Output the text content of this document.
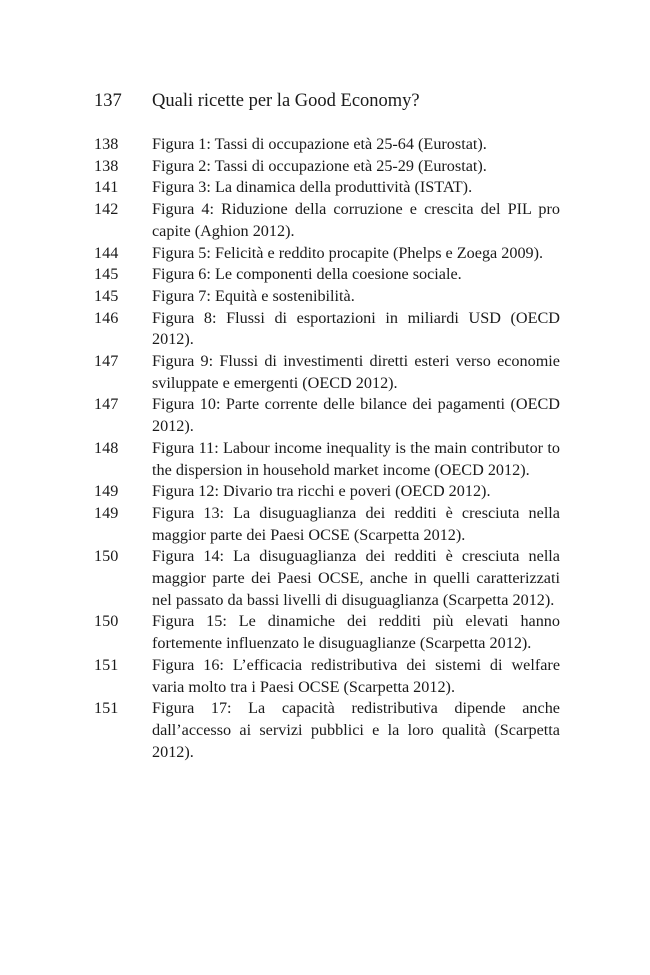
137	Quali ricette per la Good Economy?
138	Figura 1: Tassi di occupazione età 25-64 (Eurostat).
138	Figura 2: Tassi di occupazione età 25-29 (Eurostat).
141	Figura 3: La dinamica della produttività (ISTAT).
142	Figura 4: Riduzione della corruzione e crescita del PIL pro capite (Aghion 2012).
144	Figura 5: Felicità e reddito procapite (Phelps e Zoega 2009).
145	Figura 6: Le componenti della coesione sociale.
145	Figura 7: Equità e sostenibilità.
146	Figura 8: Flussi di esportazioni in miliardi USD (OECD 2012).
147	Figura 9: Flussi di investimenti diretti esteri verso economie sviluppate e emergenti (OECD 2012).
147	Figura 10: Parte corrente delle bilance dei pagamenti (OECD 2012).
148	Figura 11: Labour income inequality is the main contributor to the dispersion in household market income (OECD 2012).
149	Figura 12: Divario tra ricchi e poveri (OECD 2012).
149	Figura 13: La disuguaglianza dei redditi è cresciuta nella maggior parte dei Paesi OCSE (Scarpetta 2012).
150	Figura 14: La disuguaglianza dei redditi è cresciuta nella maggior parte dei Paesi OCSE, anche in quelli caratterizzati nel passato da bassi livelli di disuguaglianza (Scarpetta 2012).
150	Figura 15: Le dinamiche dei redditi più elevati hanno fortemente influenzato le disuguaglianze (Scarpetta 2012).
151	Figura 16: L’efficacia redistributiva dei sistemi di welfare varia molto tra i Paesi OCSE (Scarpetta 2012).
151	Figura 17: La capacità redistributiva dipende anche dall’accesso ai servizi pubblici e la loro qualità (Scarpetta 2012).
